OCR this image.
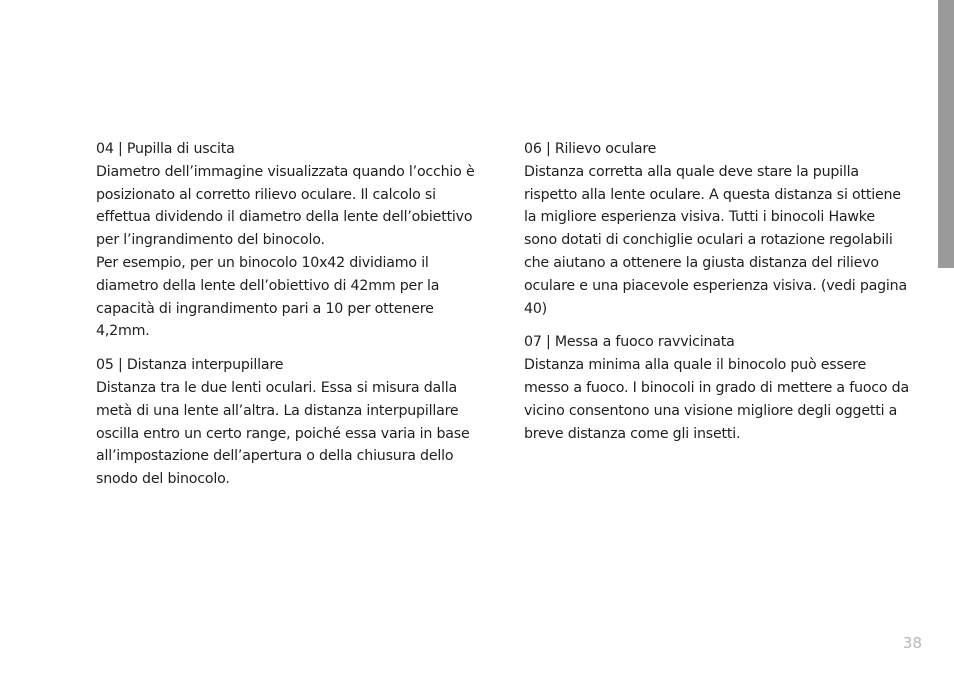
04 | Pupilla di uscita

Diametro dell’immagine visualizzata quando l’occhio è posizionato al corretto rilievo oculare. Il calcolo si effettua dividendo il diametro della lente dell’obiettivo per l’ingrandimento del binocolo.

Per esempio, per un binocolo 10x42 dividiamo il diametro della lente dell’obiettivo di 42mm per la capacità di ingrandimento pari a 10 per ottenere 4,2mm.

05 | Distanza interpupillare

Distanza tra le due lenti oculari. Essa si misura dalla metà di una lente all’altra. La distanza interpupillare oscilla entro un certo range, poiché essa varia in base all’impostazione dell’apertura o della chiusura dello snodo del binocolo.

06 | Rilievo oculare

Distanza corretta alla quale deve stare la pupilla rispetto alla lente oculare. A questa distanza si ottiene la migliore esperienza visiva. Tutti i binocoli Hawke sono dotati di conchiglie oculari a rotazione regolabili che aiutano a ottenere la giusta distanza del rilievo oculare e una piacevole esperienza visiva. (vedi pagina 40)

07 | Messa a fuoco ravvicinata

Distanza minima alla quale il binocolo può essere messo a fuoco. I binocoli in grado di mettere a fuoco da vicino consentono una visione migliore degli oggetti a breve distanza come gli insetti.

38
